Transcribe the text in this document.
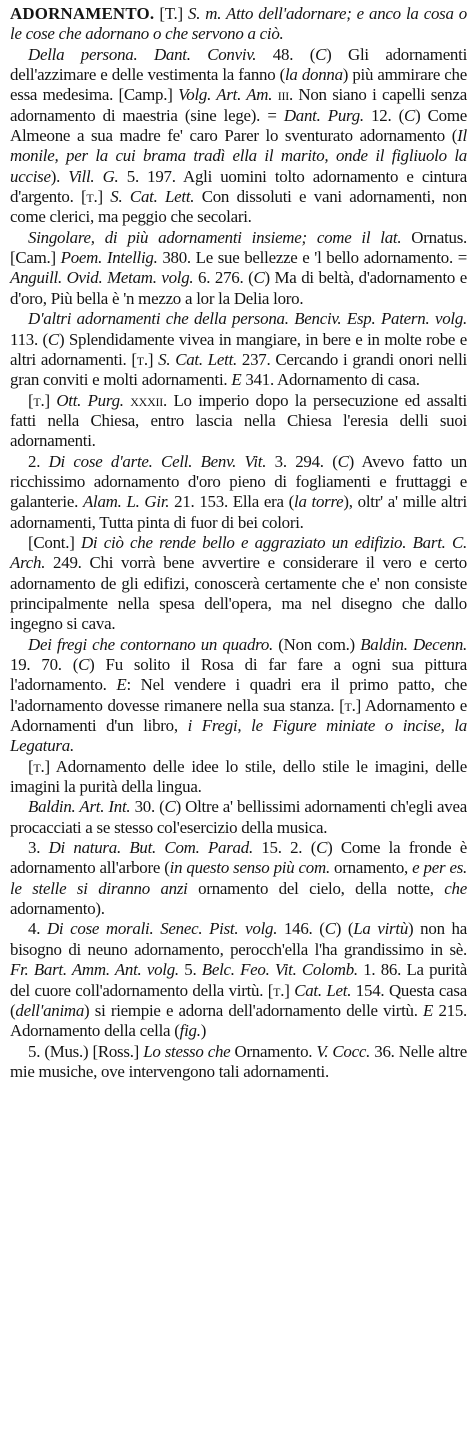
ADORNAMENTO. [T.] S. m. Atto dell'adornare; e anco la cosa o le cose che adornano o che servono a ciò.

Della persona. Dant. Conviv. 48. (C) Gli adornamenti dell'azzimare e delle vestimenta la fanno (la donna) più ammirare che essa medesima. [Camp.] Volg. Art. Am. iii. Non siano i capelli senza adornamento di maestria (sine lege). = Dant. Purg. 12. (C) Come Almeone a sua madre fe' caro Parer lo sventurato adornamento (Il monile, per la cui brama tradì ella il marito, onde il figliuolo la uccise). Vill. G. 5. 197. Agli uomini tolto adornamento e cintura d'argento. [t.] S. Cat. Lett. Con dissoluti e vani adornamenti, non come clerici, ma peggio che secolari.

Singolare, di più adornamenti insieme; come il lat. Ornatus. [Cam.] Poem. Intellig. 380. Le sue bellezze e 'l bello adornamento. = Anguill. Ovid. Metam. volg. 6. 276. (C) Ma di beltà, d'adornamento e d'oro, Più bella è 'n mezzo a lor la Delia loro.

D'altri adornamenti che della persona. Benciv. Esp. Patern. volg. 113. (C) Splendidamente vivea in mangiare, in bere e in molte robe e altri adornamenti. [t.] S. Cat. Lett. 237. Cercando i grandi onori nelli gran conviti e molti adornamenti. E 341. Adornamento di casa.

[t.] Ott. Purg. xxxii. Lo imperio dopo la persecuzione ed assalti fatti nella Chiesa, entro lascia nella Chiesa l'eresia delli suoi adornamenti.

2. Di cose d'arte. Cell. Benv. Vit. 3. 294. (C) Avevo fatto un ricchissimo adornamento d'oro pieno di fogliamenti e fruttaggi e galanterie. Alam. L. Gir. 21. 153. Ella era (la torre), oltr' a' mille altri adornamenti, Tutta pinta di fuor di bei colori.

[Cont.] Di ciò che rende bello e aggraziato un edifizio. Bart. C. Arch. 249. Chi vorrà bene avvertire e considerare il vero e certo adornamento de gli edifizi, conoscerà certamente che e' non consiste principalmente nella spesa dell'opera, ma nel disegno che dallo ingegno si cava.

Dei fregi che contornano un quadro. (Non com.) Baldin. Decenn. 19. 70. (C) Fu solito il Rosa di far fare a ogni sua pittura l'adornamento. E: Nel vendere i quadri era il primo patto, che l'adornamento dovesse rimanere nella sua stanza. [t.] Adornamento e Adornamenti d'un libro, i Fregi, le Figure miniate o incise, la Legatura.

[t.] Adornamento delle idee lo stile, dello stile le imagini, delle imagini la purità della lingua.

Baldin. Art. Int. 30. (C) Oltre a' bellissimi adornamenti ch'egli avea procacciati a se stesso col'esercizio della musica.

3. Di natura. But. Com. Parad. 15. 2. (C) Come la fronde è adornamento all'arbore (in questo senso più com. ornamento, e per es. le stelle si diranno anzi ornamento del cielo, della notte, che adornamento).

4. Di cose morali. Senec. Pist. volg. 146. (C) (La virtù) non ha bisogno di neuno adornamento, perocch'ella l'ha grandissimo in sè. Fr. Bart. Amm. Ant. volg. 5. Belc. Feo. Vit. Colomb. 1. 86. La purità del cuore coll'adornamento della virtù. [t.] Cat. Let. 154. Questa casa (dell'anima) si riempie e adorna dell'adornamento delle virtù. E 215. Adornamento della cella (fig.)

5. (Mus.) [Ross.] Lo stesso che Ornamento. V. Cocc. 36. Nelle altre mie musiche, ove intervengono tali adornamenti.
